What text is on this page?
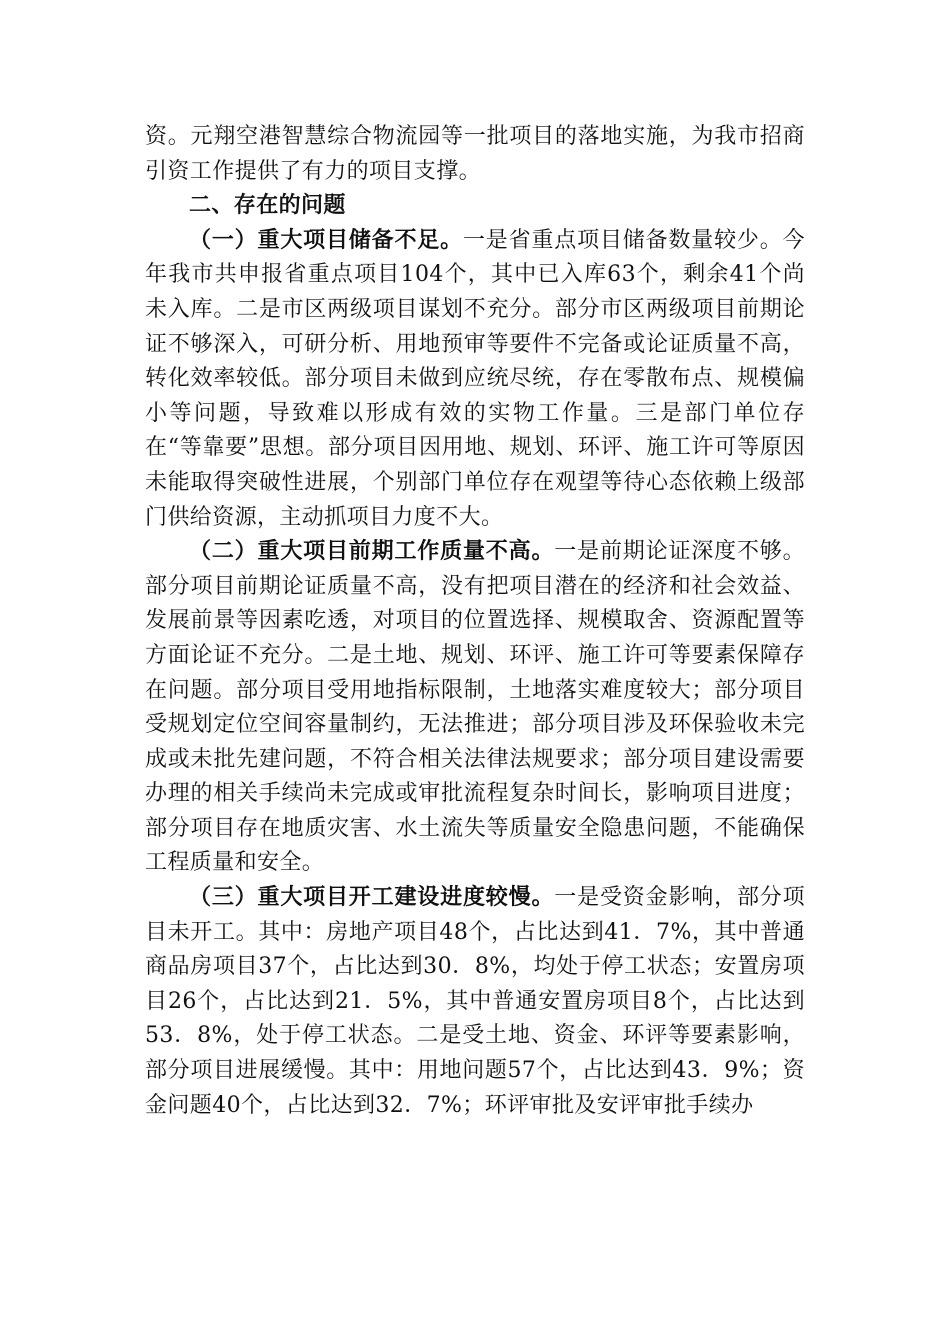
资。元翔空港智慧综合物流园等一批项目的落地实施，为我市招商引资工作提供了有力的项目支撑。

二、存在的问题

（一）重大项目储备不足。一是省重点项目储备数量较少。今年我市共申报省重点项目104个，其中已入库63个，剩余41个尚未入库。二是市区两级项目谋划不充分。部分市区两级项目前期论证不够深入，可研分析、用地预审等要件不完备或论证质量不高，转化效率较低。部分项目未做到应统尽统，存在零散布点、规模偏小等问题，导致难以形成有效的实物工作量。三是部门单位存在“等靠要”思想。部分项目因用地、规划、环评、施工许可等原因未能取得突破性进展，个别部门单位存在观望等待心态依赖上级部门供给资源，主动抓项目力度不大。

（二）重大项目前期工作质量不高。一是前期论证深度不够。部分项目前期论证质量不高，没有把项目潜在的经济和社会效益、发展前景等因素吃透，对项目的位置选择、规模取舍、资源配置等方面论证不充分。二是土地、规划、环评、施工许可等要素保障存在问题。部分项目受用地指标限制，土地落实难度较大；部分项目受规划定位空间容量制约，无法推进；部分项目涉及环保验收未完成或未批先建问题，不符合相关法律法规要求；部分项目建设需要办理的相关手续尚未完成或审批流程复杂时间长，影响项目进度；部分项目存在地质灾害、水土流失等质量安全隐患问题，不能确保工程质量和安全。

（三）重大项目开工建设进度较慢。一是受资金影响，部分项目未开工。其中：房地产项目48个，占比达到41．7%，其中普通商品房项目37个，占比达到30．8%，均处于停工状态；安置房项目26个，占比达到21．5%，其中普通安置房项目8个，占比达到53．8%，处于停工状态。二是受土地、资金、环评等要素影响，部分项目进展缓慢。其中：用地问题57个，占比达到43．9%；资金问题40个，占比达到32．7%；环评审批及安评审批手续办
